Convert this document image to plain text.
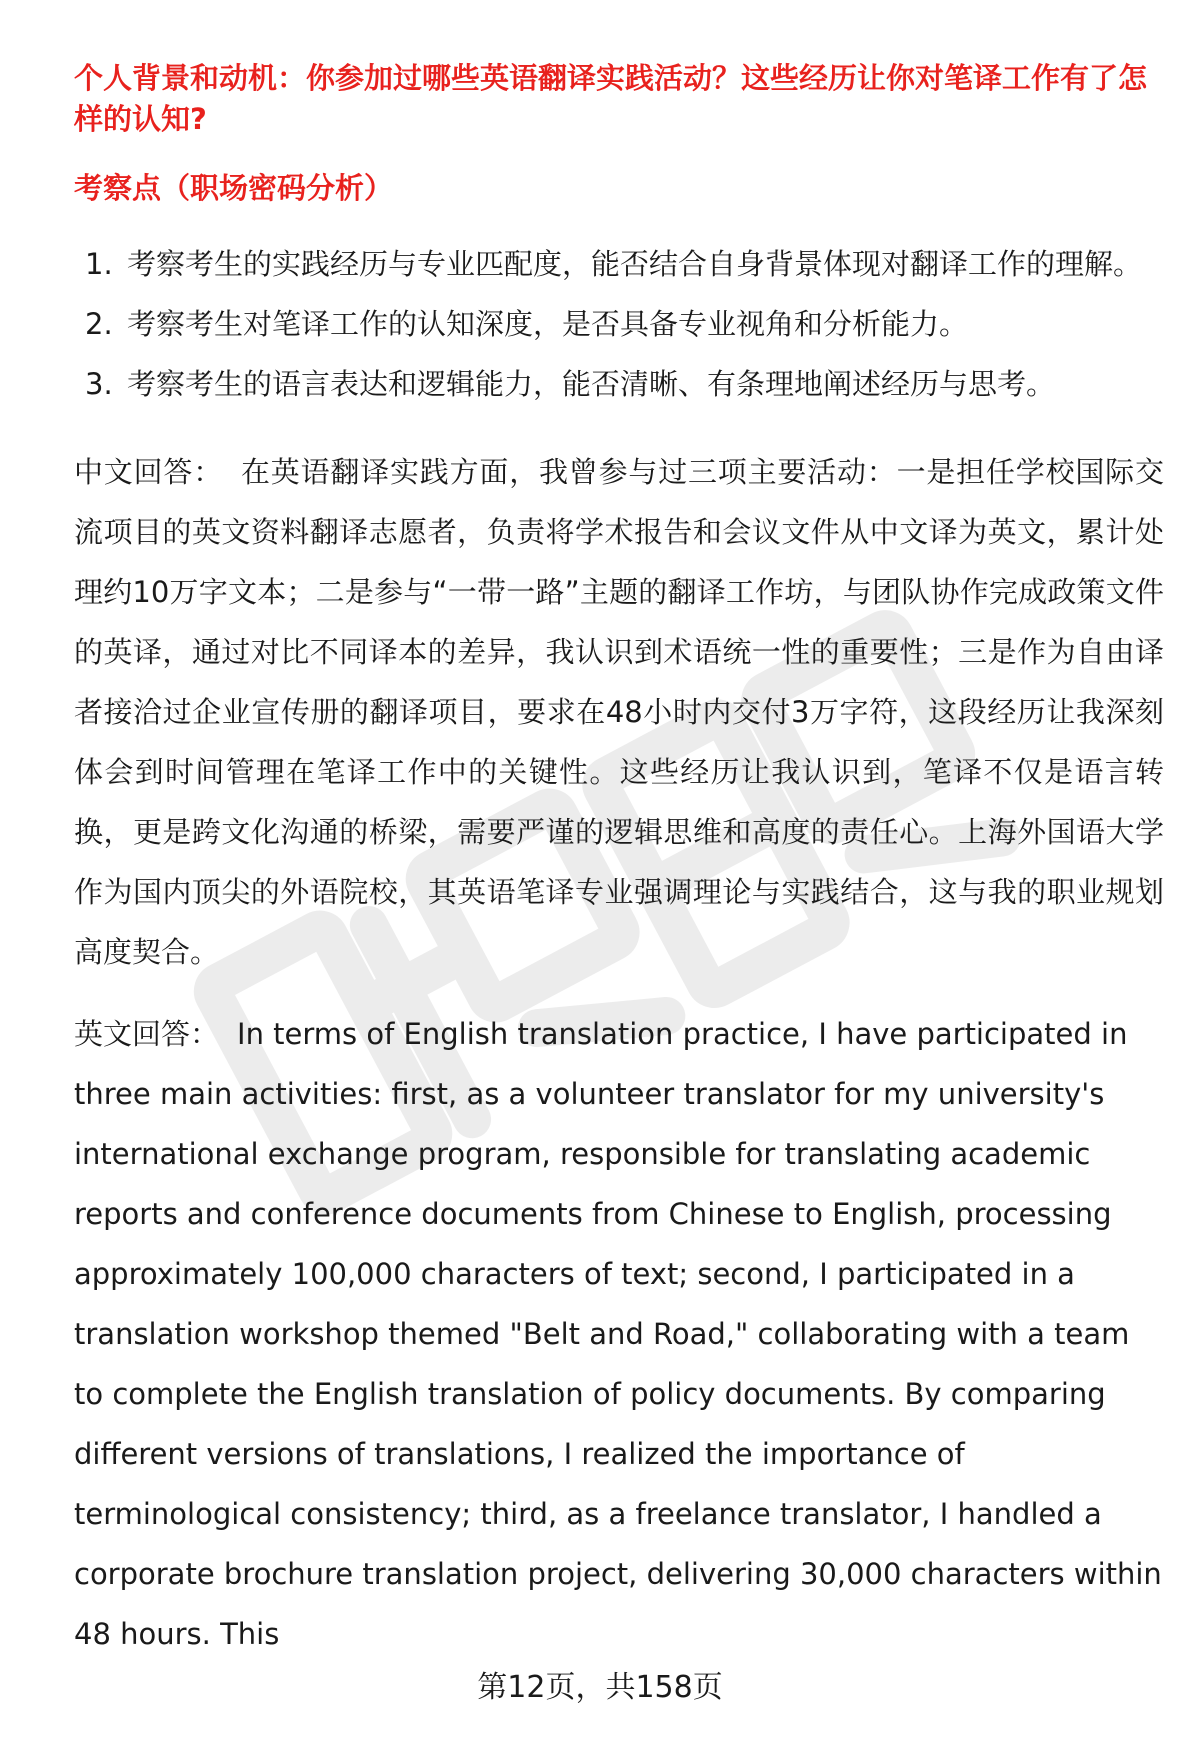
个人背景和动机：你参加过哪些英语翻译实践活动？这些经历让你对笔译工作有了怎样的认知?
考察点（职场密码分析）
1. 考察考生的实践经历与专业匹配度，能否结合自身背景体现对翻译工作的理解。
2. 考察考生对笔译工作的认知深度，是否具备专业视角和分析能力。
3. 考察考生的语言表达和逻辑能力，能否清晰、有条理地阐述经历与思考。

中文回答： 在英语翻译实践方面，我曾参与过三项主要活动：一是担任学校国际交流项目的英文资料翻译志愿者，负责将学术报告和会议文件从中文译为英文，累计处理约10万字文本；二是参与“一带一路”主题的翻译工作坊，与团队协作完成政策文件的英译，通过对比不同译本的差异，我认识到术语统一性的重要性；三是作为自由译者接洽过企业宣传册的翻译项目，要求在48小时内交付3万字符，这段经历让我深刻体会到时间管理在笔译工作中的关键性。这些经历让我认识到，笔译不仅是语言转换，更是跨文化沟通的桥梁，需要严谨的逻辑思维和高度的责任心。上海外国语大学作为国内顶尖的外语院校，其英语笔译专业强调理论与实践结合，这与我的职业规划高度契合。

英文回答： In terms of English translation practice, I have participated in three main activities: first, as a volunteer translator for my university's international exchange program, responsible for translating academic reports and conference documents from Chinese to English, processing approximately 100,000 characters of text; second, I participated in a translation workshop themed "Belt and Road," collaborating with a team to complete the English translation of policy documents. By comparing different versions of translations, I realized the importance of terminological consistency; third, as a freelance translator, I handled a corporate brochure translation project, delivering 30,000 characters within 48 hours. This

第12页，共158页
